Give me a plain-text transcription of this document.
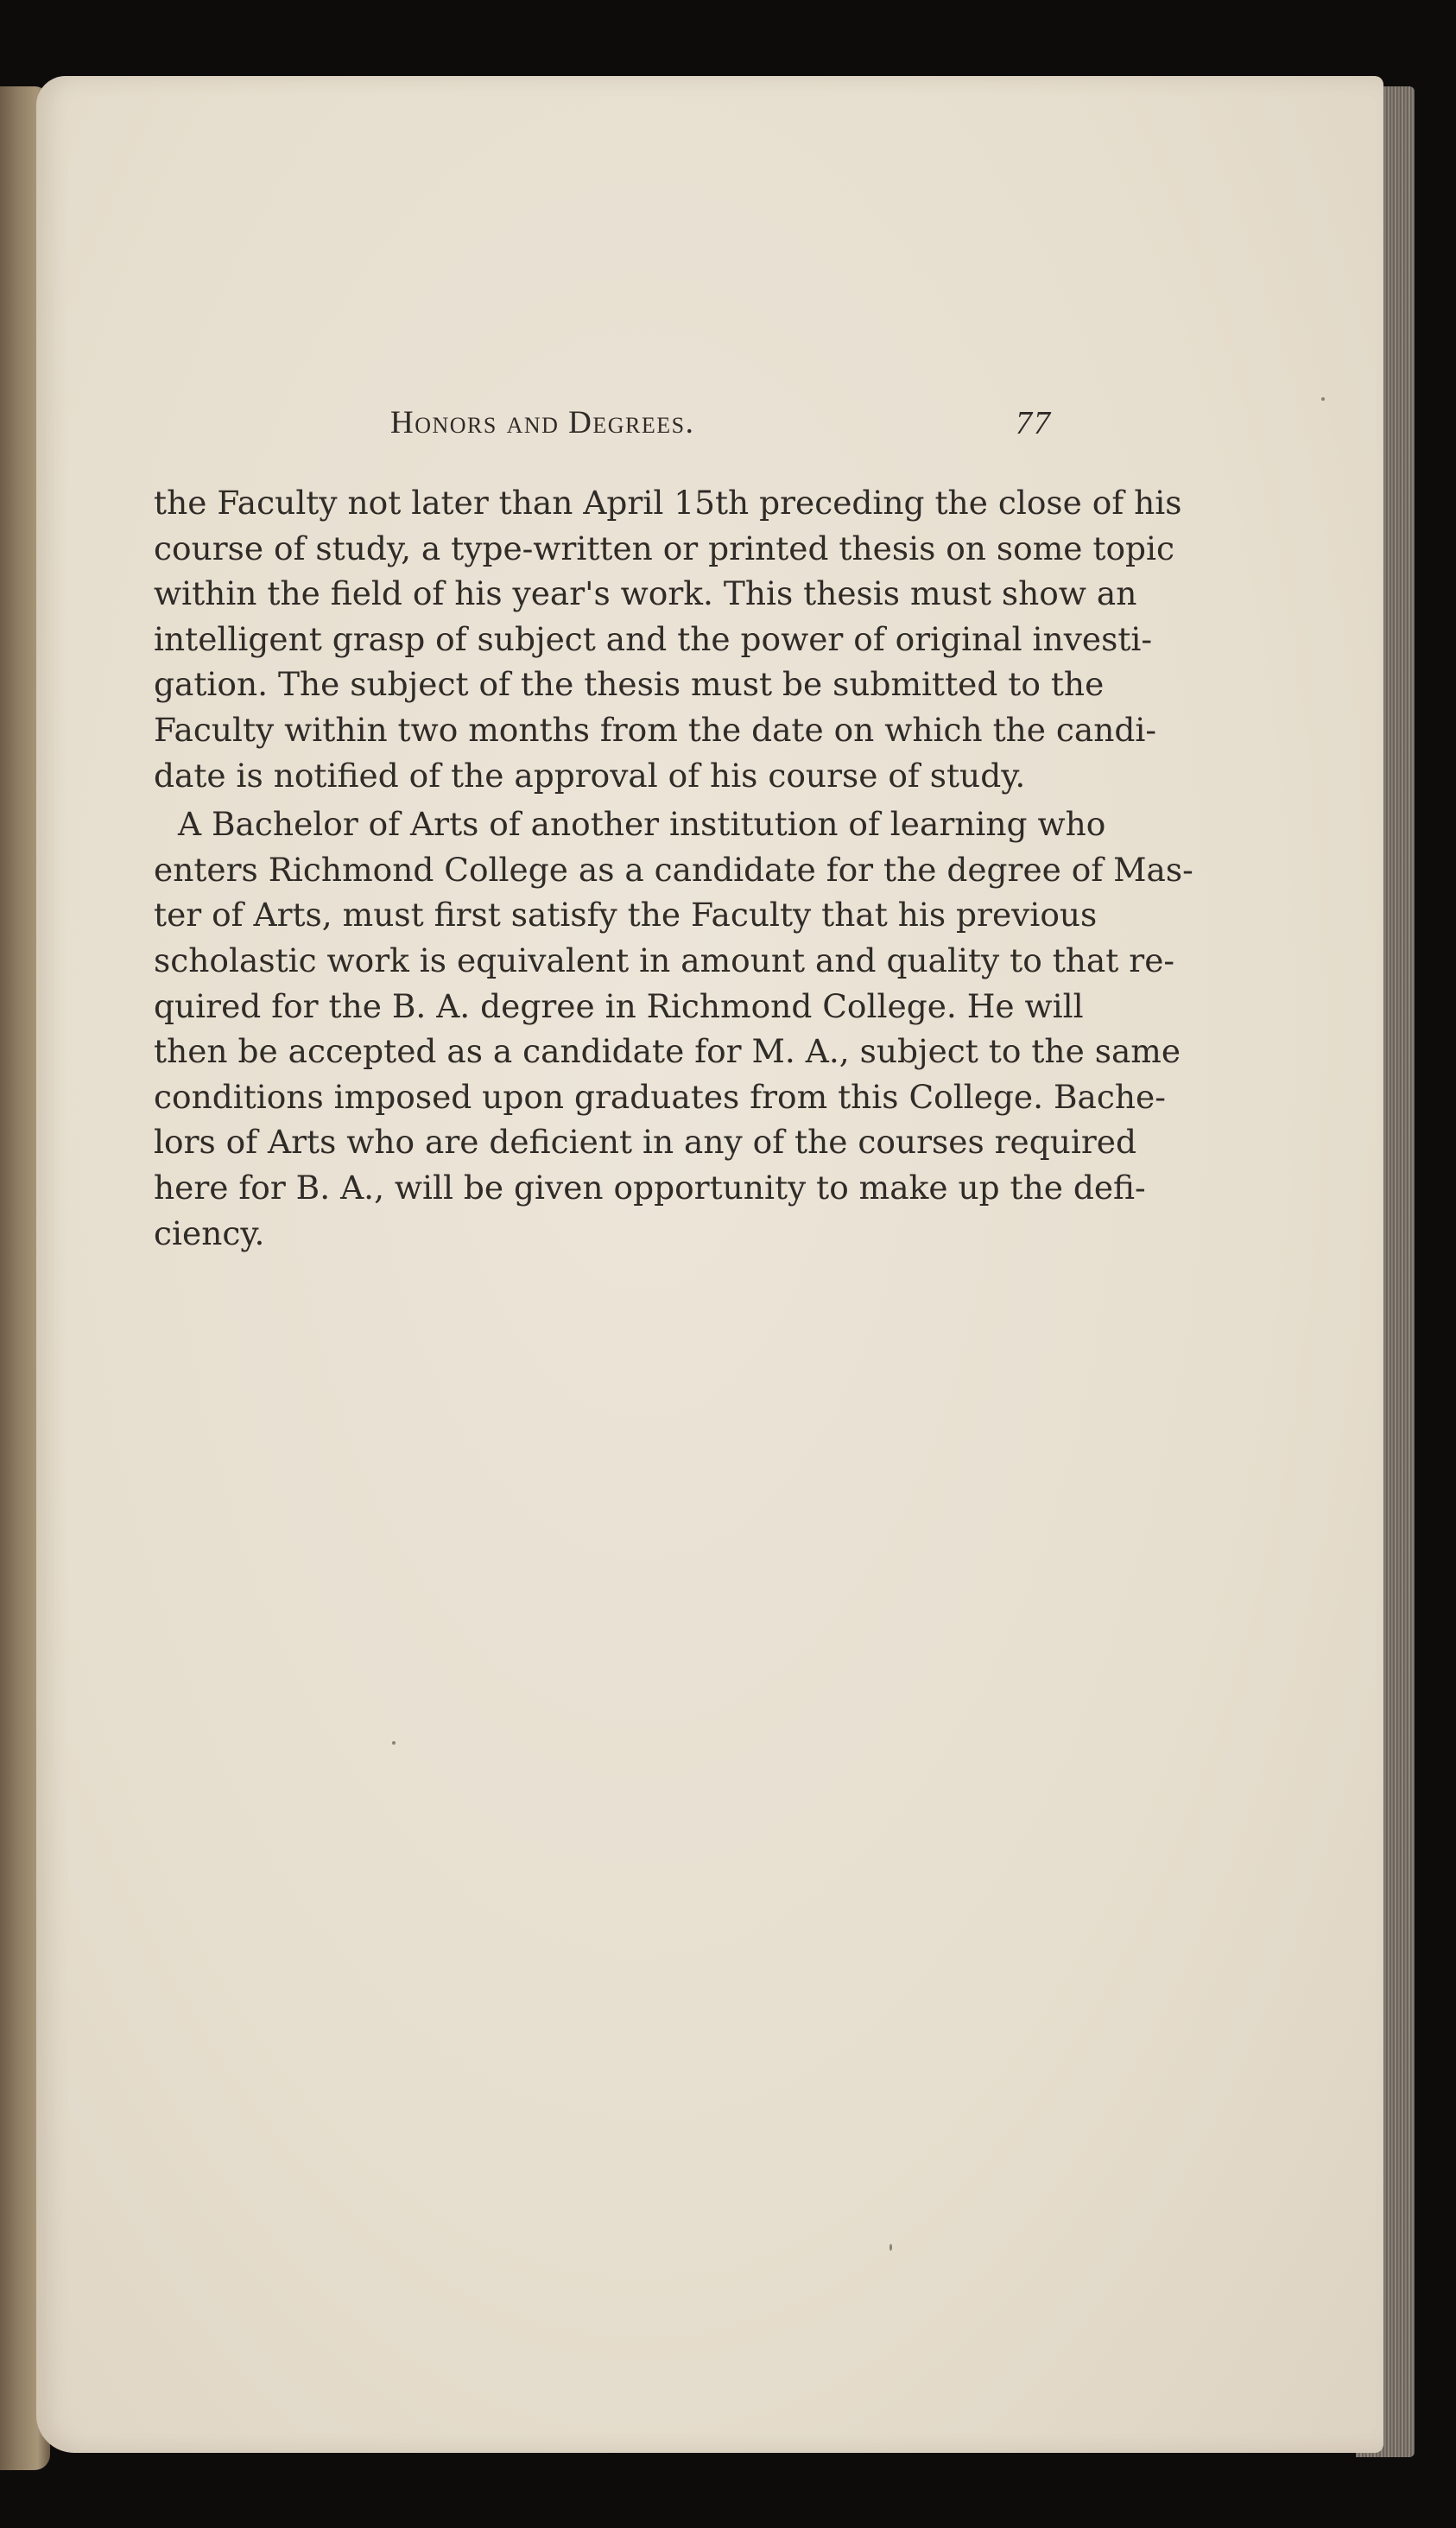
Honors and Degrees.	77
the Faculty not later than April 15th preceding the close of his
course of study, a type-written or printed thesis on some topic
within the field of his year's work. This thesis must show an
intelligent grasp of subject and the power of original investi-
gation. The subject of the thesis must be submitted to the
Faculty within two months from the date on which the candi-
date is notified of the approval of his course of study.
A Bachelor of Arts of another institution of learning who
enters Richmond College as a candidate for the degree of Mas-
ter of Arts, must first satisfy the Faculty that his previous
scholastic work is equivalent in amount and quality to that re-
quired for the B. A. degree in Richmond College. He will
then be accepted as a candidate for M. A., subject to the same
conditions imposed upon graduates from this College. Bache-
lors of Arts who are deficient in any of the courses required
here for B. A., will be given opportunity to make up the defi-
ciency.
